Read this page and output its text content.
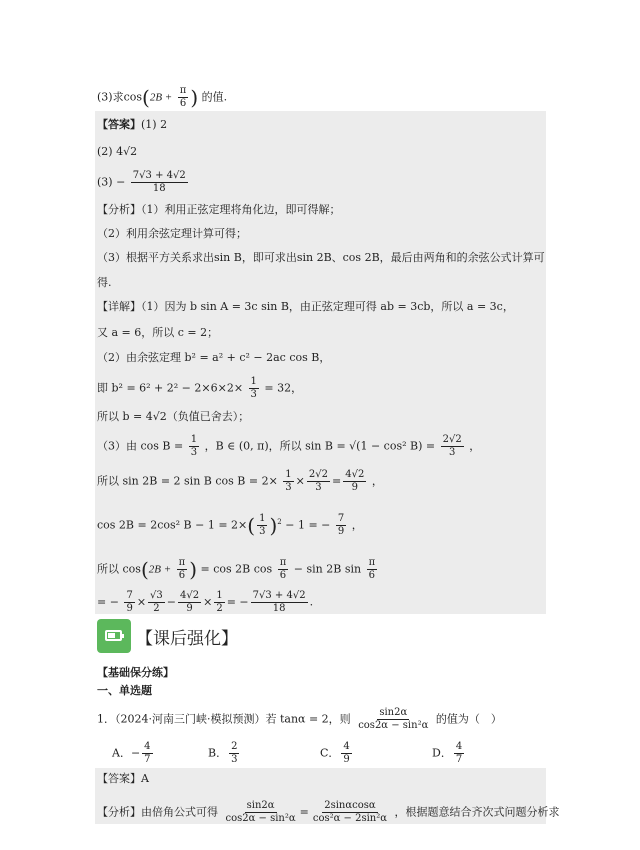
(3)求$\cos(2B + \frac{\pi}{6}$ ) 的值.
【答案】(1) 2
(2) 4√2
$(3) - \frac{7√3 + 4√2}{18}$
【分析】（1）利用正弦定理将角化边，即可得解；
（2）利用余弦定理计算可得；
（3）根据平方关系求出sin B，即可求出sin 2B、cos 2B，最后由两角和的余弦公式计算可
得.
【详解】（1）因为 b sin A = 3c sin B，由正弦定理可得 ab = 3cb，所以 a = 3c，
又 a = 6，所以 c = 2；
（2）由余弦定理 b² = a² + c² − 2ac cos B，
即 $b^2 = 6^2 + 2^2 - 2\times 6\times 2\times \frac{1}{3} = 32$，
所以 b = 4√2（负值已舍去）；
（3）由 $\cos B = \frac{1}{3}$ ，B ∈ (0, π)，所以 sin B = √(1 − cos² $B) = \frac{2√2}{3}$ ，
所以 sin 2B = 2 sin B $\cos B = 2\times \frac{1}{3} \times \frac{2√2}{3} = \frac{4√2}{9}$ ，
cos 2B = 2cos² $B - 1 = 2\times( \frac{1}{3} )^2 - 1$ = − $\frac{7}{9}$ ，
所以 $\cos(2B + \frac{\pi}{6}$ ) = cos 2B $\cos \frac{\pi}{6} - \sin 2B$ $\sin \frac{\pi}{6}$
= − $\frac{7}{9} \times \frac{√3}{2} - \frac{4√2}{9} \times \frac{1}{2}$ = − $\frac{7√3 + 4√2}{18}$ .
【课后强化】
【基础保分练】
一、单选题
1．（2024·河南三门峡·模拟预测）若 tanα = 2，则 $\frac{\sin 2\alpha}{\text{cos2α − sin²α}}$ 的值为（　）
A．− $\frac{4}{7}$	B． $\frac{2}{3}$	C． $\frac{4}{9}$	D． $\frac{4}{7}$
【答案】A
【分析】由倍角公式可得 $\frac{\sin 2\alpha}{\text{cos2α − sin²α}} = \frac{2\sin\alpha\cos\alpha}{\text{cos²α − 2sin²α}}$ ，根据题意结合齐次式问题分析求
